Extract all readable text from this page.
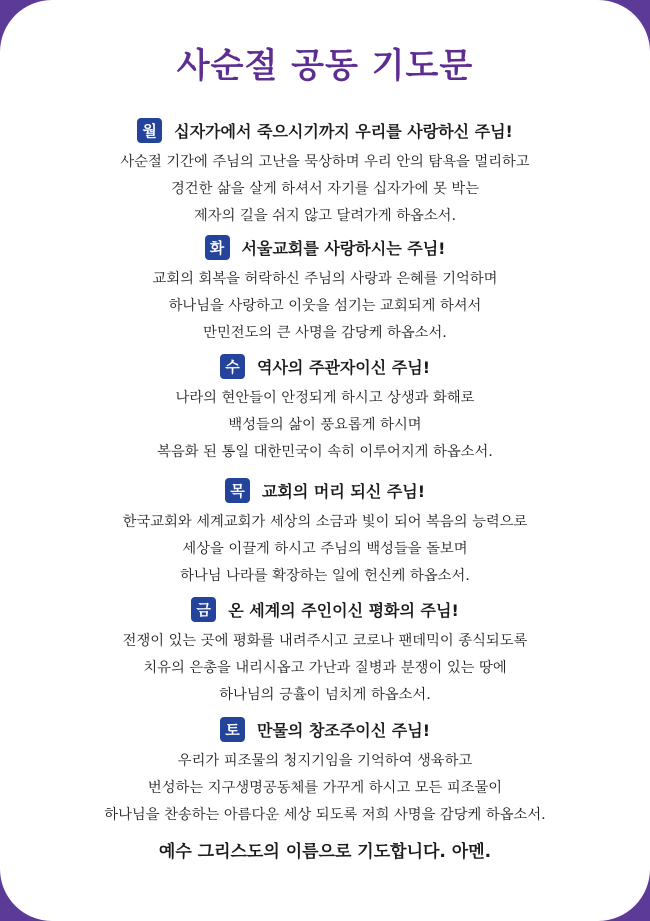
사순절 공동 기도문
월	십자가에서 죽으시기까지 우리를 사랑하신 주님!
사순절 기간에 주님의 고난을 묵상하며 우리 안의 탐욕을 멀리하고
경건한 삶을 살게 하셔서 자기를 십자가에 못 박는
제자의 길을 쉬지 않고 달려가게 하옵소서.
화	서울교회를 사랑하시는 주님!
교회의 회복을 허락하신 주님의 사랑과 은혜를 기억하며
하나님을 사랑하고 이웃을 섬기는 교회되게 하셔서
만민전도의 큰 사명을 감당케 하옵소서.
수	역사의 주관자이신 주님!
나라의 현안들이 안정되게 하시고 상생과 화해로
백성들의 삶이 풍요롭게 하시며
복음화 된 통일 대한민국이 속히 이루어지게 하옵소서.
목	교회의 머리 되신 주님!
한국교회와 세계교회가 세상의 소금과 빛이 되어 복음의 능력으로
세상을 이끌게 하시고 주님의 백성들을 돌보며
하나님 나라를 확장하는 일에 헌신케 하옵소서.
금	온 세계의 주인이신 평화의 주님!
전쟁이 있는 곳에 평화를 내려주시고 코로나 팬데믹이 종식되도록
치유의 은총을 내리시옵고 가난과 질병과 분쟁이 있는 땅에
하나님의 긍휼이 넘치게 하옵소서.
토	만물의 창조주이신 주님!
우리가 피조물의 청지기임을 기억하여 생육하고
번성하는 지구생명공동체를 가꾸게 하시고 모든 피조물이
하나님을 찬송하는 아름다운 세상 되도록 저희 사명을 감당케 하옵소서.
예수 그리스도의 이름으로 기도합니다. 아멘.
